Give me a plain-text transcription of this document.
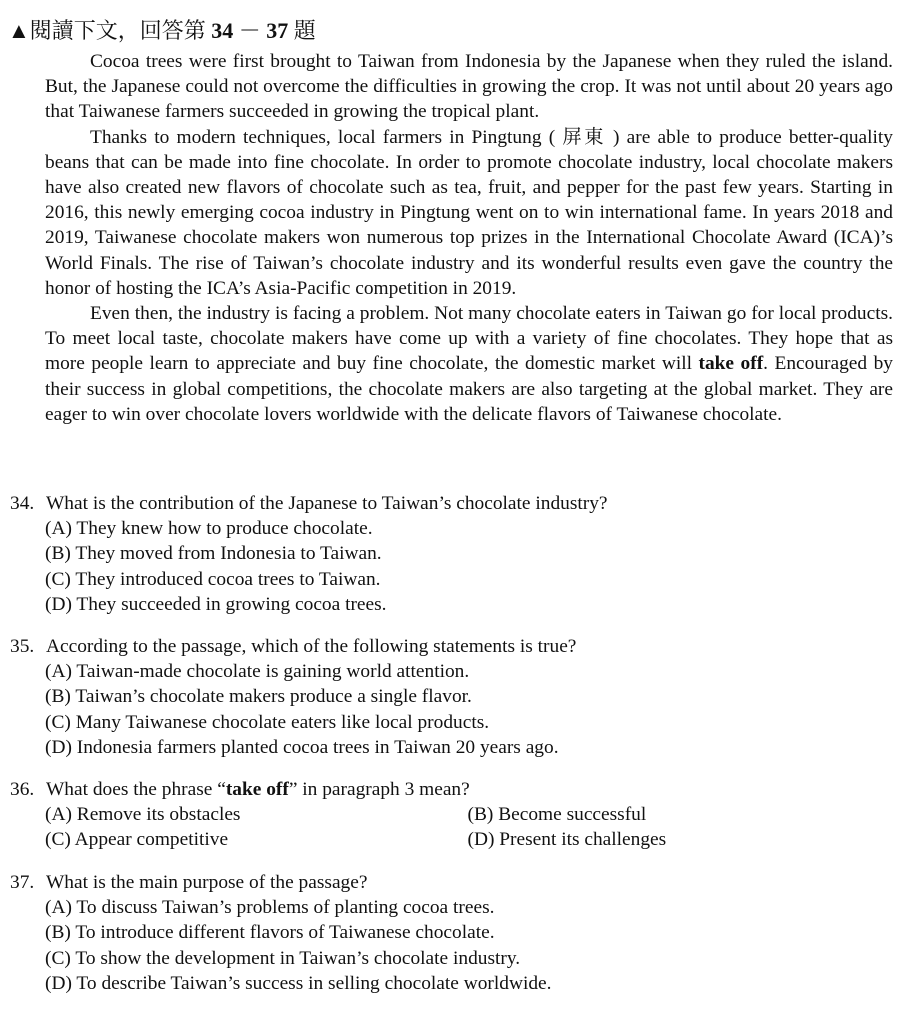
▲閱讀下文，回答第 34 － 37 題

Cocoa trees were first brought to Taiwan from Indonesia by the Japanese when they ruled the island. But, the Japanese could not overcome the difficulties in growing the crop. It was not until about 20 years ago that Taiwanese farmers succeeded in growing the tropical plant.

Thanks to modern techniques, local farmers in Pingtung ( 屏東 ) are able to produce better-quality beans that can be made into fine chocolate. In order to promote chocolate industry, local chocolate makers have also created new flavors of chocolate such as tea, fruit, and pepper for the past few years. Starting in 2016, this newly emerging cocoa industry in Pingtung went on to win international fame. In years 2018 and 2019, Taiwanese chocolate makers won numerous top prizes in the International Chocolate Award (ICA)’s World Finals. The rise of Taiwan’s chocolate industry and its wonderful results even gave the country the honor of hosting the ICA’s Asia-Pacific competition in 2019.

Even then, the industry is facing a problem. Not many chocolate eaters in Taiwan go for local products. To meet local taste, chocolate makers have come up with a variety of fine chocolates. They hope that as more people learn to appreciate and buy fine chocolate, the domestic market will take off. Encouraged by their success in global competitions, the chocolate makers are also targeting at the global market. They are eager to win over chocolate lovers worldwide with the delicate flavors of Taiwanese chocolate.

34. What is the contribution of the Japanese to Taiwan’s chocolate industry?
(A) They knew how to produce chocolate.
(B) They moved from Indonesia to Taiwan.
(C) They introduced cocoa trees to Taiwan.
(D) They succeeded in growing cocoa trees.
35. According to the passage, which of the following statements is true?
(A) Taiwan-made chocolate is gaining world attention.
(B) Taiwan’s chocolate makers produce a single flavor.
(C) Many Taiwanese chocolate eaters like local products.
(D) Indonesia farmers planted cocoa trees in Taiwan 20 years ago.
36. What does the phrase “take off” in paragraph 3 mean?
(A) Remove its obstacles	(B) Become successful
(C) Appear competitive	(D) Present its challenges
37. What is the main purpose of the passage?
(A) To discuss Taiwan’s problems of planting cocoa trees.
(B) To introduce different flavors of Taiwanese chocolate.
(C) To show the development in Taiwan’s chocolate industry.
(D) To describe Taiwan’s success in selling chocolate worldwide.
